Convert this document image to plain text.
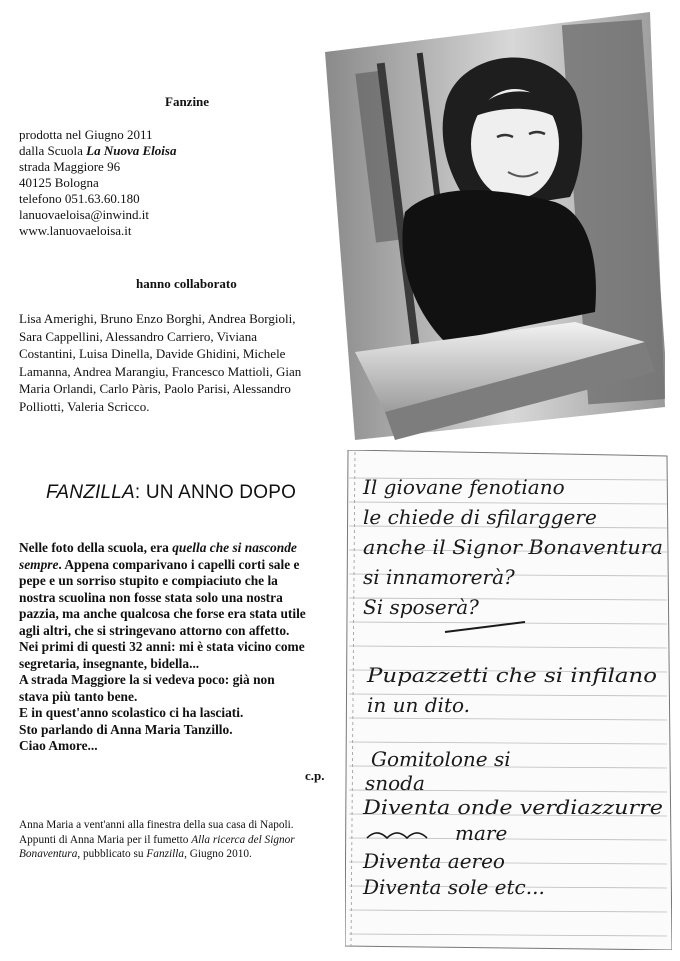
Fanzine
prodotta nel Giugno 2011
dalla Scuola La Nuova Eloisa
strada Maggiore 96
40125 Bologna
telefono 051.63.60.180
lanuovaeloisa@inwind.it
www.lanuovaeloisa.it
hanno collaborato
Lisa Amerighi, Bruno Enzo Borghi, Andrea Borgioli,
Sara Cappellini, Alessandro Carriero, Viviana
Costantini, Luisa Dinella, Davide Ghidini, Michele
Lamanna, Andrea Marangiu, Francesco Mattioli, Gian
Maria Orlandi, Carlo Pàris, Paolo Parisi, Alessandro
Polliotti, Valeria Scricco.
FANZILLA: UN ANNO DOPO
Nelle foto della scuola, era quella che si nasconde
sempre. Appena comparivano i capelli corti sale e
pepe e un sorriso stupito e compiaciuto che la
nostra scuolina non fosse stata solo una nostra
pazzia, ma anche qualcosa che forse era stata utile
agli altri, che si stringevano attorno con affetto.
Nei primi di questi 32 anni: mi è stata vicino come
segretaria, insegnante, bidella...
A strada Maggiore la si vedeva poco: già non
stava più tanto bene.
E in quest'anno scolastico ci ha lasciati.
Sto parlando di Anna Maria Tanzillo.
Ciao Amore...
c.p.
Anna Maria a vent'anni alla finestra della sua casa di Napoli.
Appunti di Anna Maria per il fumetto Alla ricerca del Signor
Bonaventura, pubblicato su Fanzilla, Giugno 2010.
Il giovane fenotiano
le chiede di sfilarggere
anche il Signor Bonaventura
si innamorerà?
Si sposerà?
Pupazzetti che si infilano
in un dito.
Gomitolone si
snoda
Diventa onde verdiazzurre
mare
Diventa aereo
Diventa sole etc...
